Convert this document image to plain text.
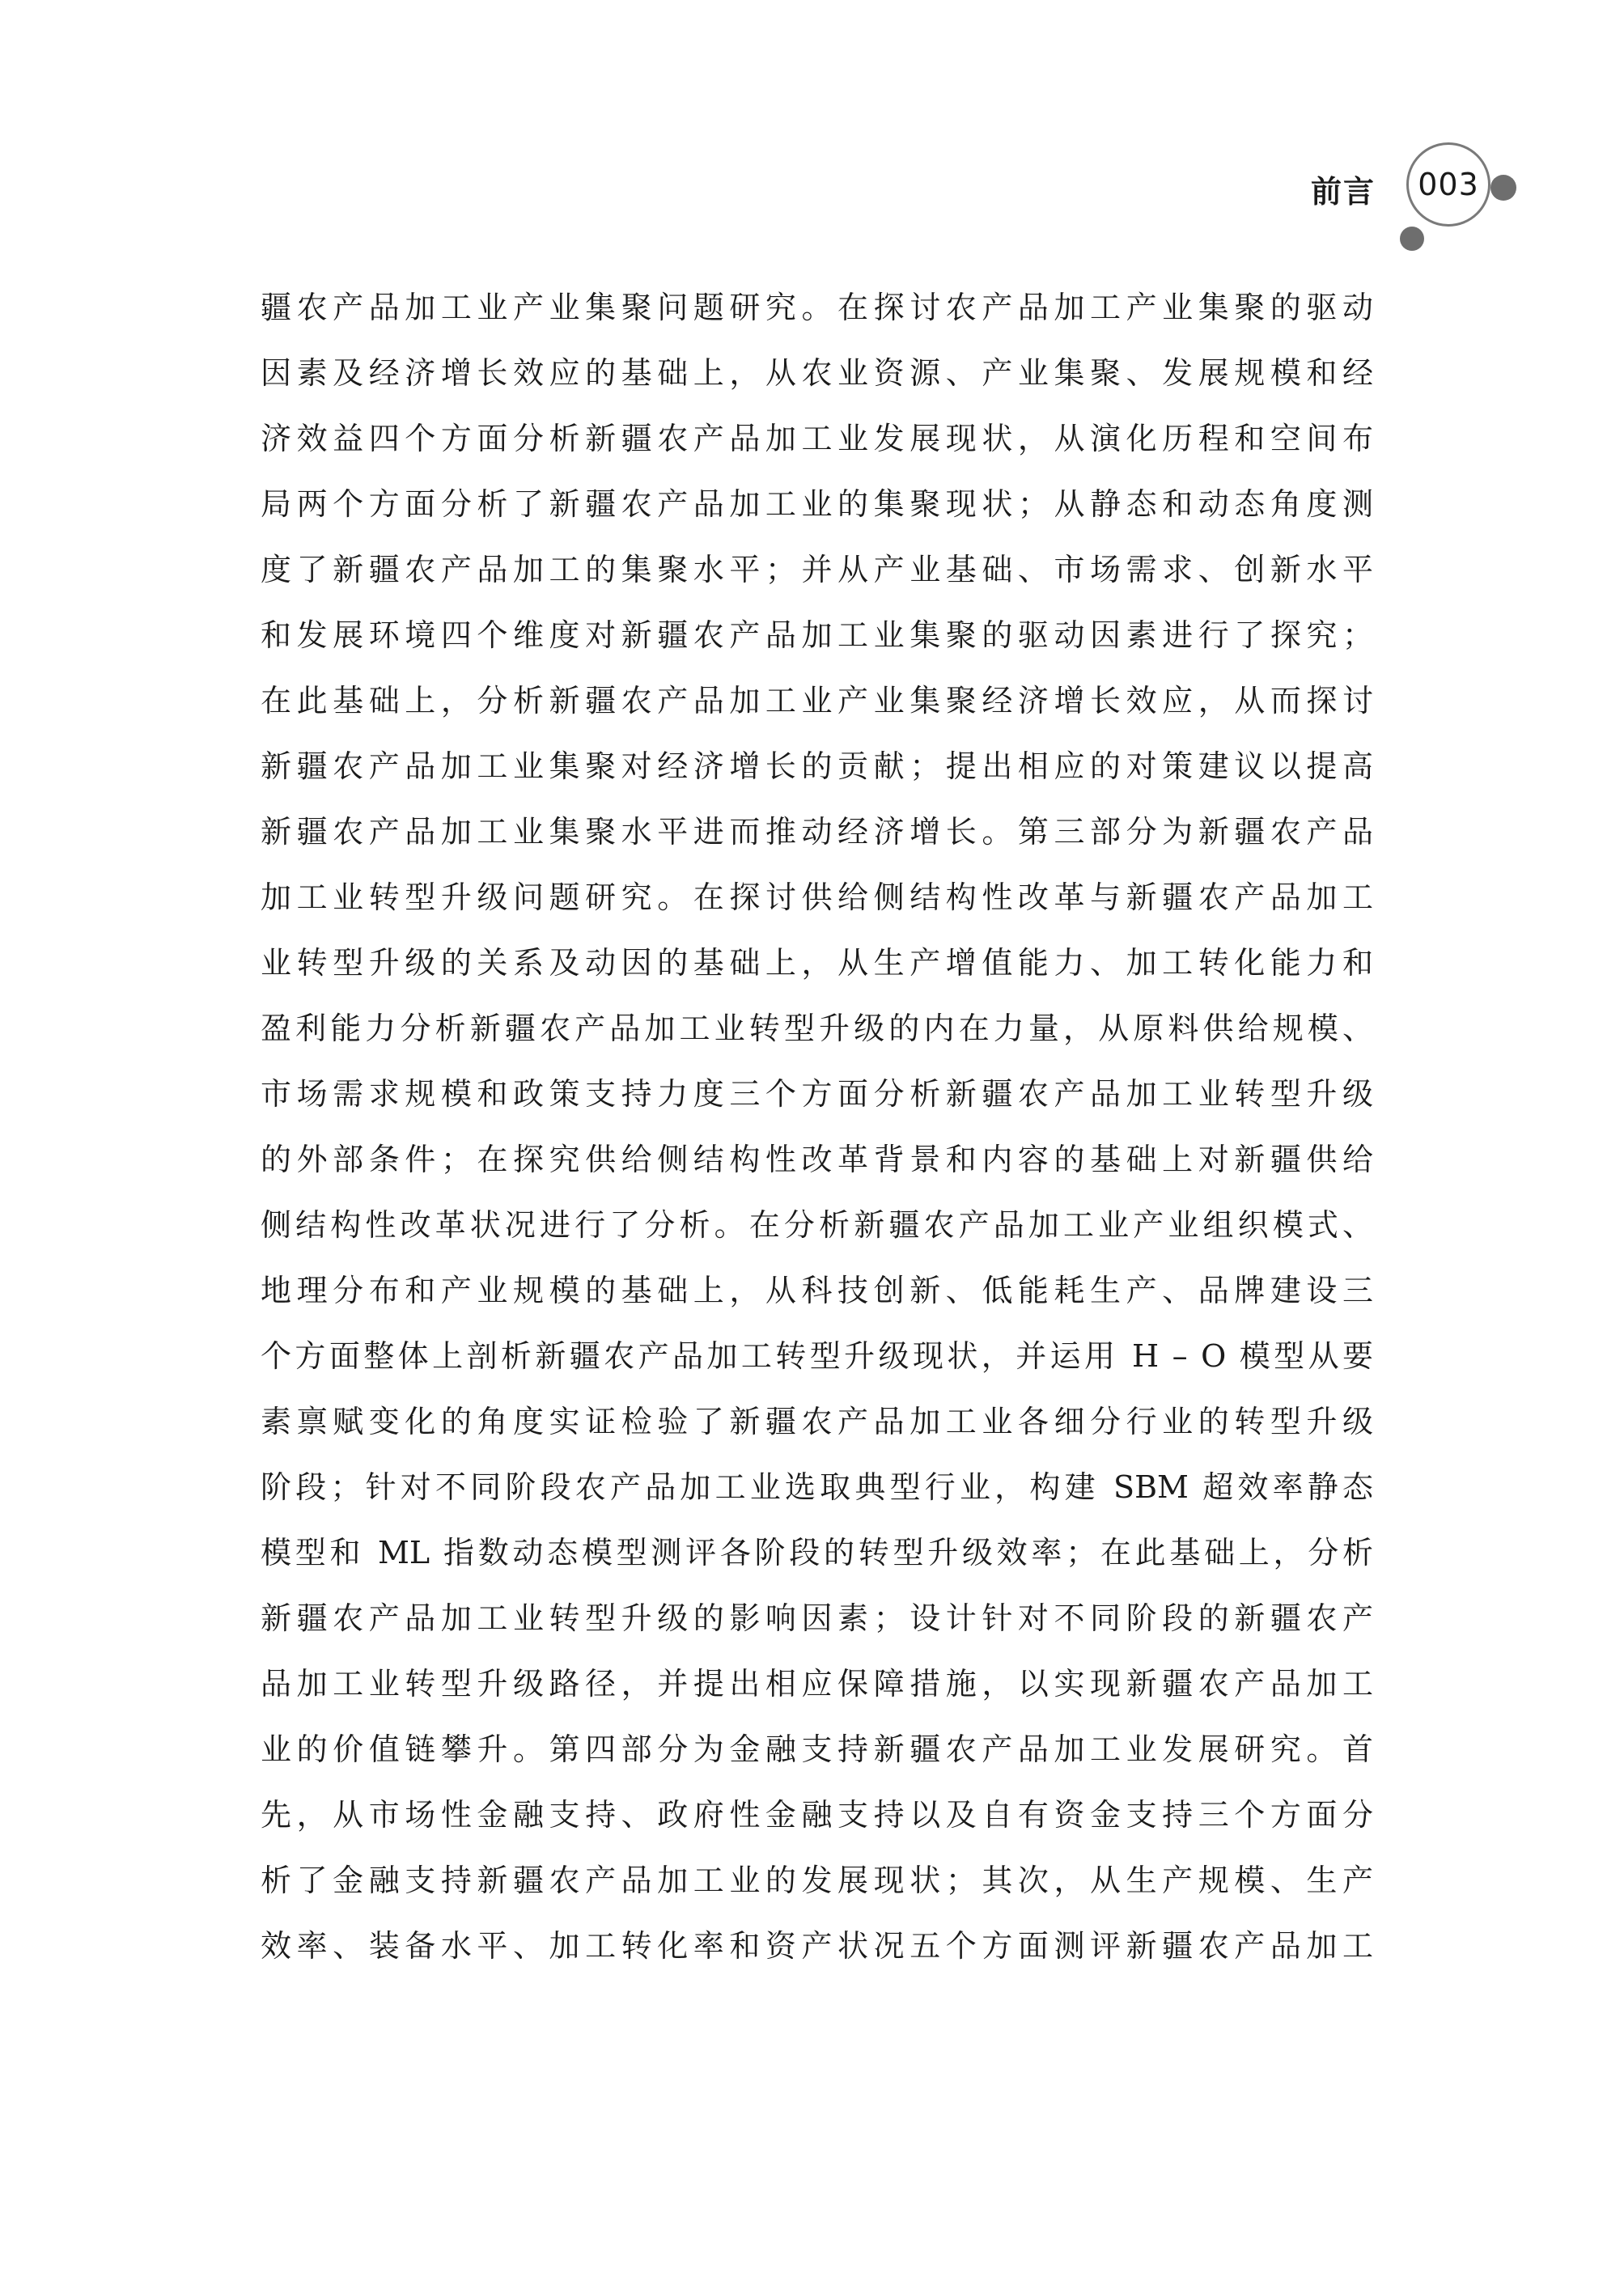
前言 003
疆农产品加工业产业集聚问题研究。在探讨农产品加工产业集聚的驱动
因素及经济增长效应的基础上，从农业资源、产业集聚、发展规模和经
济效益四个方面分析新疆农产品加工业发展现状，从演化历程和空间布
局两个方面分析了新疆农产品加工业的集聚现状；从静态和动态角度测
度了新疆农产品加工的集聚水平；并从产业基础、市场需求、创新水平
和发展环境四个维度对新疆农产品加工业集聚的驱动因素进行了探究；
在此基础上，分析新疆农产品加工业产业集聚经济增长效应，从而探讨
新疆农产品加工业集聚对经济增长的贡献；提出相应的对策建议以提高
新疆农产品加工业集聚水平进而推动经济增长。第三部分为新疆农产品
加工业转型升级问题研究。在探讨供给侧结构性改革与新疆农产品加工
业转型升级的关系及动因的基础上，从生产增值能力、加工转化能力和
盈利能力分析新疆农产品加工业转型升级的内在力量，从原料供给规模、
市场需求规模和政策支持力度三个方面分析新疆农产品加工业转型升级
的外部条件；在探究供给侧结构性改革背景和内容的基础上对新疆供给
侧结构性改革状况进行了分析。在分析新疆农产品加工业产业组织模式、
地理分布和产业规模的基础上，从科技创新、低能耗生产、品牌建设三
个方面整体上剖析新疆农产品加工转型升级现状，并运用 H – O 模型从要
素禀赋变化的角度实证检验了新疆农产品加工业各细分行业的转型升级
阶段；针对不同阶段农产品加工业选取典型行业，构建 SBM 超效率静态
模型和 ML 指数动态模型测评各阶段的转型升级效率；在此基础上，分析
新疆农产品加工业转型升级的影响因素；设计针对不同阶段的新疆农产
品加工业转型升级路径，并提出相应保障措施，以实现新疆农产品加工
业的价值链攀升。第四部分为金融支持新疆农产品加工业发展研究。首
先，从市场性金融支持、政府性金融支持以及自有资金支持三个方面分
析了金融支持新疆农产品加工业的发展现状；其次，从生产规模、生产
效率、装备水平、加工转化率和资产状况五个方面测评新疆农产品加工
